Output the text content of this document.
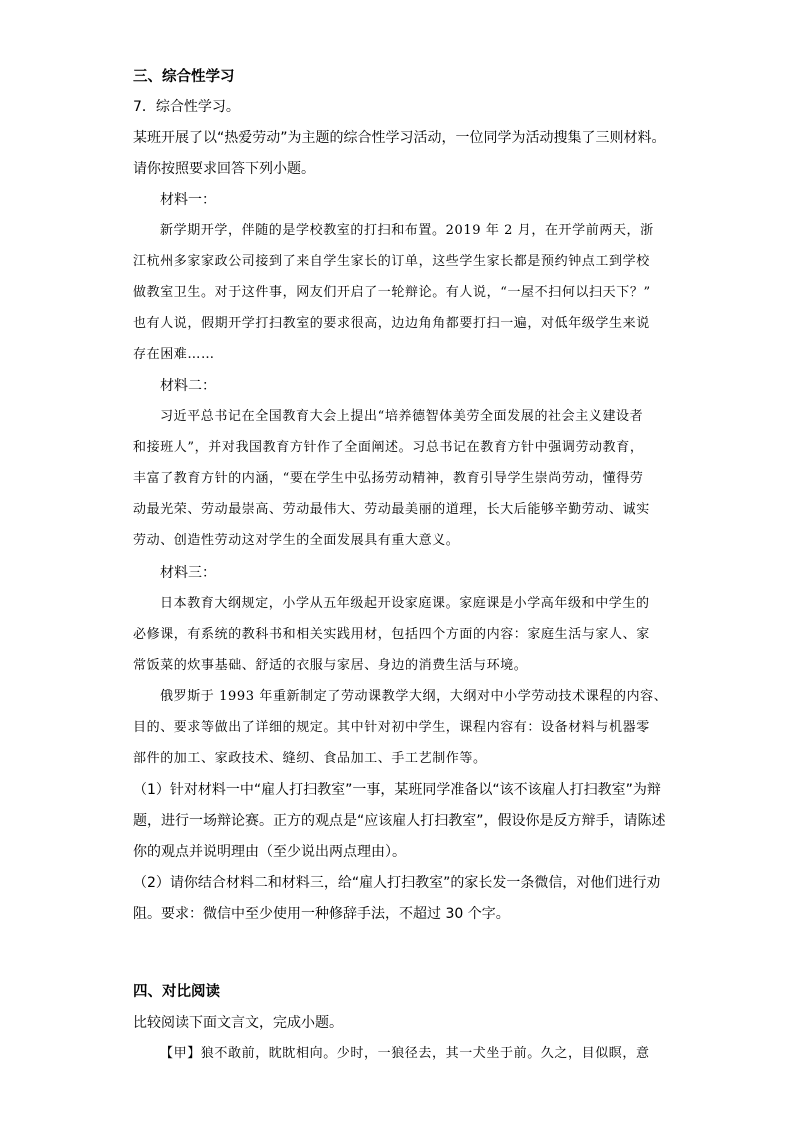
三、综合性学习
7．综合性学习。
某班开展了以“热爱劳动”为主题的综合性学习活动，一位同学为活动搜集了三则材料。
请你按照要求回答下列小题。
材料一：
新学期开学，伴随的是学校教室的打扫和布置。2019 年 2 月，在开学前两天，浙
江杭州多家家政公司接到了来自学生家长的订单，这些学生家长都是预约钟点工到学校
做教室卫生。对于这件事，网友们开启了一轮辩论。有人说，“一屋不扫何以扫天下？”
也有人说，假期开学打扫教室的要求很高，边边角角都要打扫一遍，对低年级学生来说
存在困难……
材料二：
习近平总书记在全国教育大会上提出“培养德智体美劳全面发展的社会主义建设者
和接班人”，并对我国教育方针作了全面阐述。习总书记在教育方针中强调劳动教育，
丰富了教育方针的内涵，“要在学生中弘扬劳动精神，教育引导学生崇尚劳动，懂得劳
动最光荣、劳动最崇高、劳动最伟大、劳动最美丽的道理，长大后能够辛勤劳动、诚实
劳动、创造性劳动这对学生的全面发展具有重大意义。
材料三：
日本教育大纲规定，小学从五年级起开设家庭课。家庭课是小学高年级和中学生的
必修课，有系统的教科书和相关实践用材，包括四个方面的内容：家庭生活与家人、家
常饭菜的炊事基础、舒适的衣服与家居、身边的消费生活与环境。
俄罗斯于 1993 年重新制定了劳动课教学大纲，大纲对中小学劳动技术课程的内容、
目的、要求等做出了详细的规定。其中针对初中学生，课程内容有：设备材料与机器零
部件的加工、家政技术、缝纫、食品加工、手工艺制作等。
（1）针对材料一中“雇人打扫教室”一事，某班同学准备以“该不该雇人打扫教室”为辩
题，进行一场辩论赛。正方的观点是“应该雇人打扫教室”，假设你是反方辩手，请陈述
你的观点并说明理由（至少说出两点理由）。
（2）请你结合材料二和材料三，给“雇人打扫教室”的家长发一条微信，对他们进行劝
阻。要求：微信中至少使用一种修辞手法，不超过 30 个字。
四、对比阅读
比较阅读下面文言文，完成小题。
【甲】狼不敢前，眈眈相向。少时，一狼径去，其一犬坐于前。久之，目似瞑，意
